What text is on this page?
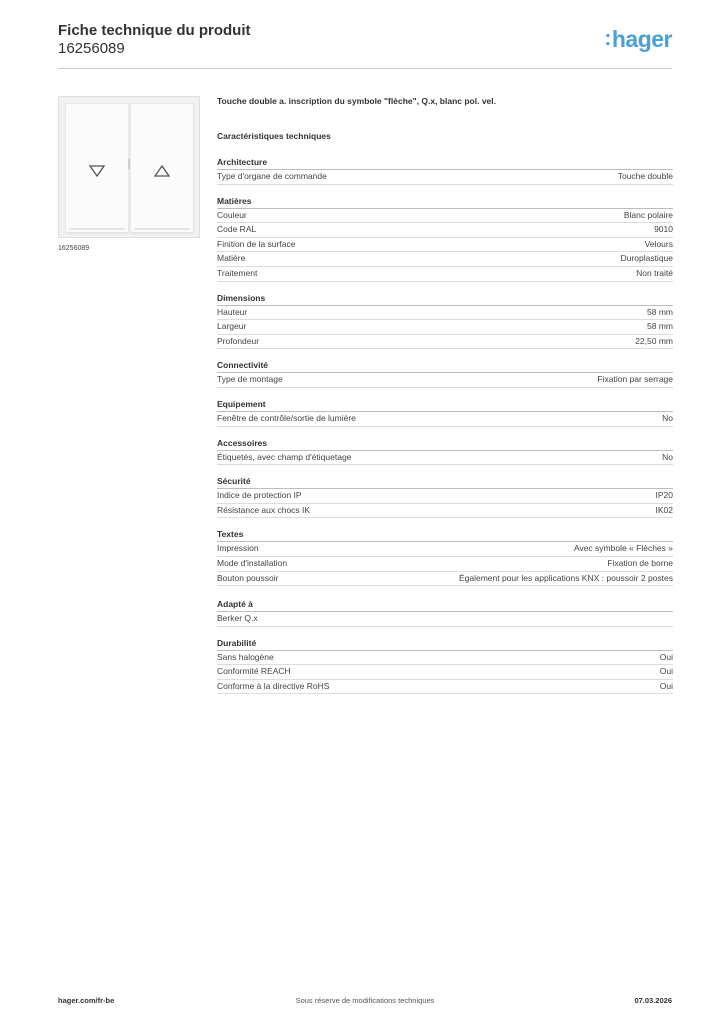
Fiche technique du produit
16256089	:hager
16256089
Touche double a. inscription du symbole "flèche", Q.x, blanc pol. vel.
Caractéristiques techniques
Architecture
Type d'organe de commande	Touche double
Matières
Couleur	Blanc polaire
Code RAL	9010
Finition de la surface	Velours
Matière	Duroplastique
Traitement	Non traité
Dimensions
Hauteur	58 mm
Largeur	58 mm
Profondeur	22,50 mm
Connectivité
Type de montage	Fixation par serrage
Equipement
Fenêtre de contrôle/sortie de lumière	No
Accessoires
Étiquetés, avec champ d'étiquetage	No
Sécurité
Indice de protection IP	IP20
Résistance aux chocs IK	IK02
Textes
Impression	Avec symbole « Flèches »
Mode d'installation	Fixation de borne
Bouton poussoir	Également pour les applications KNX : poussoir 2 postes
Adapté à
Berker Q.x
Durabilité
Sans halogène	Oui
Conformité REACH	Oui
Conforme à la directive RoHS	Oui
hager.com/fr-be	Sous réserve de modifications techniques	07.03.2026
